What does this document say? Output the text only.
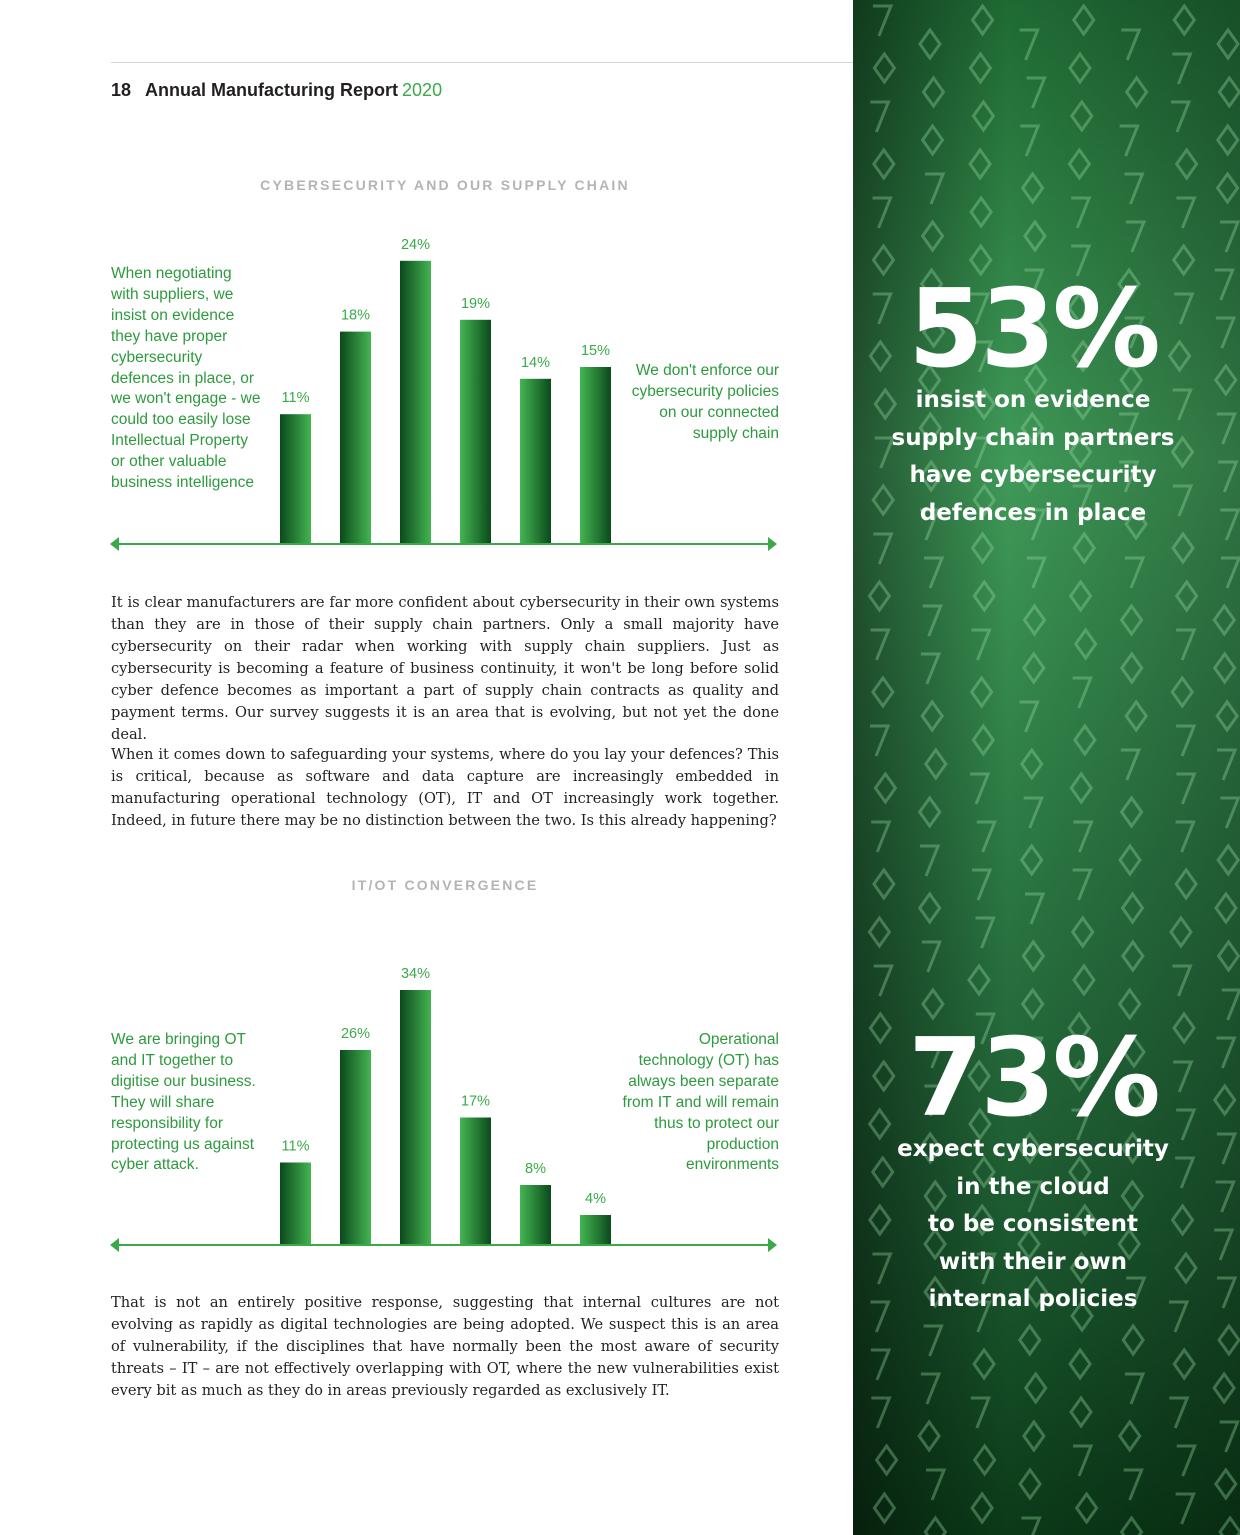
18 Annual Manufacturing Report 2020
CYBERSECURITY AND OUR SUPPLY CHAIN
When negotiating with suppliers, we insist on evidence they have proper cybersecurity defences in place, or we won't engage - we could too easily lose Intellectual Property or other valuable business intelligence
We don't enforce our cybersecurity policies on our connected supply chain
11%
18%
24%
19%
14%
15%

It is clear manufacturers are far more confident about cybersecurity in their own systems than they are in those of their supply chain partners. Only a small majority have cybersecurity on their radar when working with supply chain suppliers. Just as cybersecurity is becoming a feature of business continuity, it won't be long before solid cyber defence becomes as important a part of supply chain contracts as quality and payment terms. Our survey suggests it is an area that is evolving, but not yet the done deal.

When it comes down to safeguarding your systems, where do you lay your defences? This is critical, because as software and data capture are increasingly embedded in manufacturing operational technology (OT), IT and OT increasingly work together. Indeed, in future there may be no distinction between the two. Is this already happening?

IT/OT CONVERGENCE
We are bringing OT and IT together to digitise our business. They will share responsibility for protecting us against cyber attack.
Operational technology (OT) has always been separate from IT and will remain thus to protect our production environments
11%
26%
34%
17%
8%
4%

That is not an entirely positive response, suggesting that internal cultures are not evolving as rapidly as digital technologies are being adopted. We suspect this is an area of vulnerability, if the disciplines that have normally been the most aware of security threats – IT – are not effectively overlapping with OT, where the new vulnerabilities exist every bit as much as they do in areas previously regarded as exclusively IT.

53%
insist on evidence
supply chain partners
have cybersecurity
defences in place
73%
expect cybersecurity
in the cloud
to be consistent
with their own
internal policies
